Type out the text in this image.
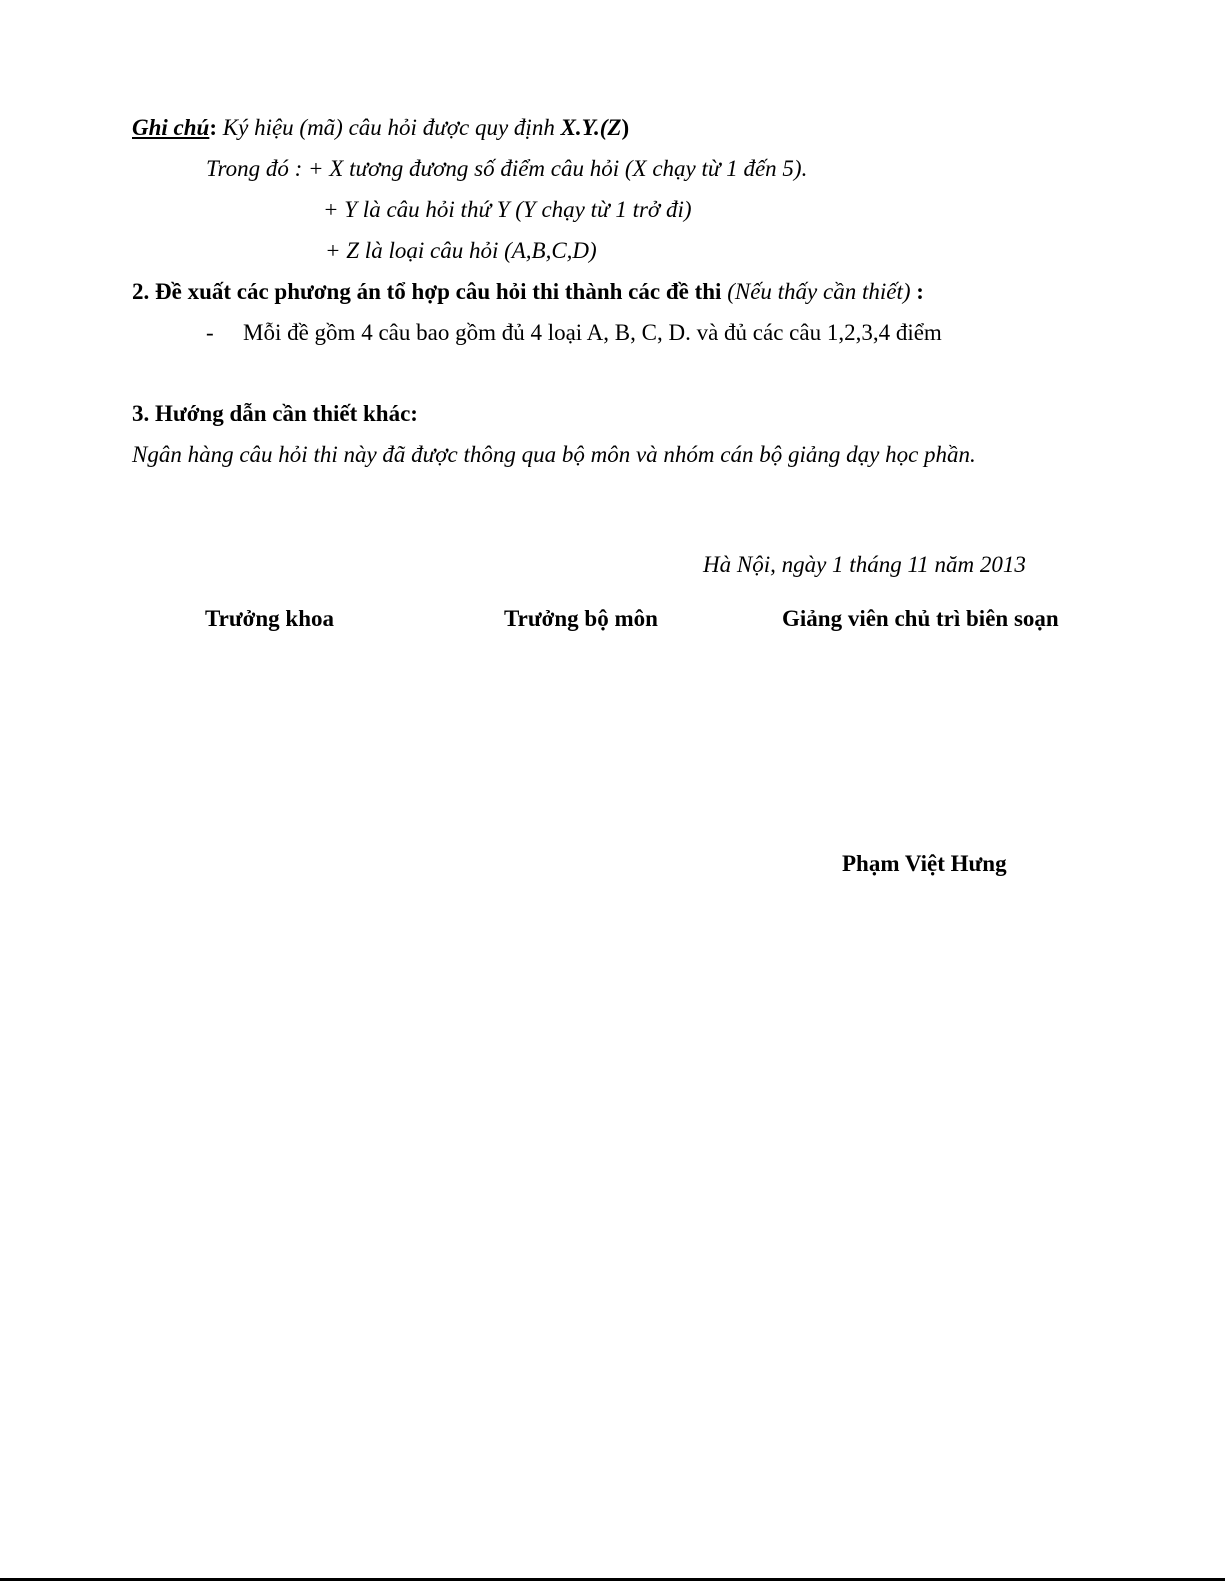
Ghi chú: Ký hiệu (mã) câu hỏi được quy định X.Y.(Z)
Trong đó : + X tương đương số điểm câu hỏi (X chạy từ 1 đến 5).
+ Y là câu hỏi thứ Y (Y chạy từ 1 trở đi)
+ Z là loại câu hỏi (A,B,C,D)
2. Đề xuất các phương án tổ hợp câu hỏi thi thành các đề thi (Nếu thấy cần thiết) :
- Mỗi đề gồm 4 câu bao gồm đủ 4 loại A, B, C, D. và đủ các câu 1,2,3,4 điểm
3. Hướng dẫn cần thiết khác:
Ngân hàng câu hỏi thi này đã được thông qua bộ môn và nhóm cán bộ giảng dạy học phần.
Hà Nội, ngày 1 tháng 11 năm 2013
Trưởng khoa	Trưởng bộ môn	Giảng viên chủ trì biên soạn
Phạm Việt Hưng
